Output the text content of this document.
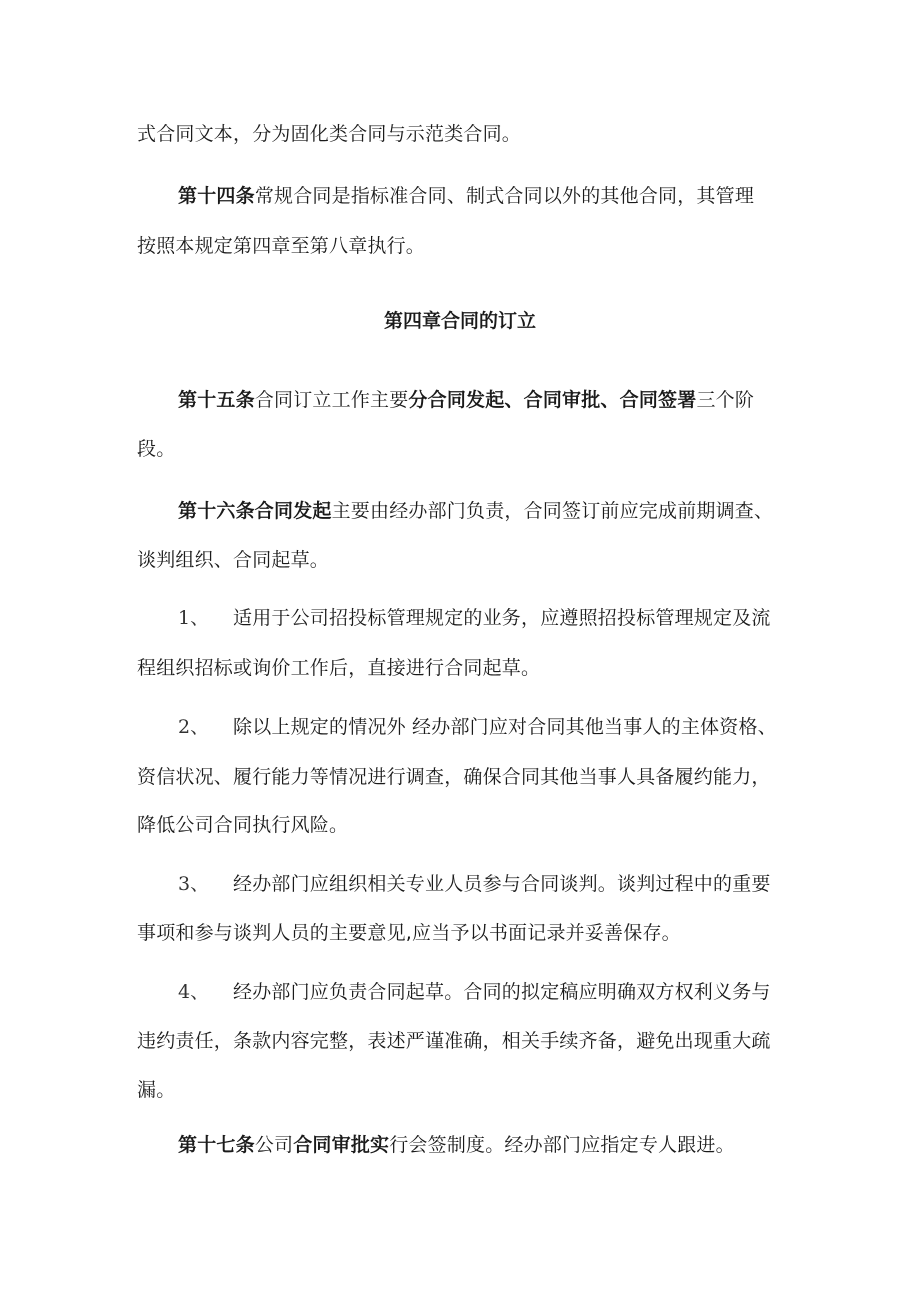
式合同文本，分为固化类合同与示范类合同。
第十四条常规合同是指标准合同、制式合同以外的其他合同，其管理
按照本规定第四章至第八章执行。
第四章合同的订立
第十五条合同订立工作主要分合同发起、合同审批、合同签署三个阶
段。
第十六条合同发起主要由经办部门负责，合同签订前应完成前期调查、
谈判组织、合同起草。
1、 适用于公司招投标管理规定的业务，应遵照招投标管理规定及流
程组织招标或询价工作后，直接进行合同起草。
2、 除以上规定的情况外 经办部门应对合同其他当事人的主体资格、
资信状况、履行能力等情况进行调查，确保合同其他当事人具备履约能力，
降低公司合同执行风险。
3、 经办部门应组织相关专业人员参与合同谈判。谈判过程中的重要
事项和参与谈判人员的主要意见,应当予以书面记录并妥善保存。
4、 经办部门应负责合同起草。合同的拟定稿应明确双方权利义务与
违约责任，条款内容完整，表述严谨准确，相关手续齐备，避免出现重大疏
漏。
第十七条公司合同审批实行会签制度。经办部门应指定专人跟进。
